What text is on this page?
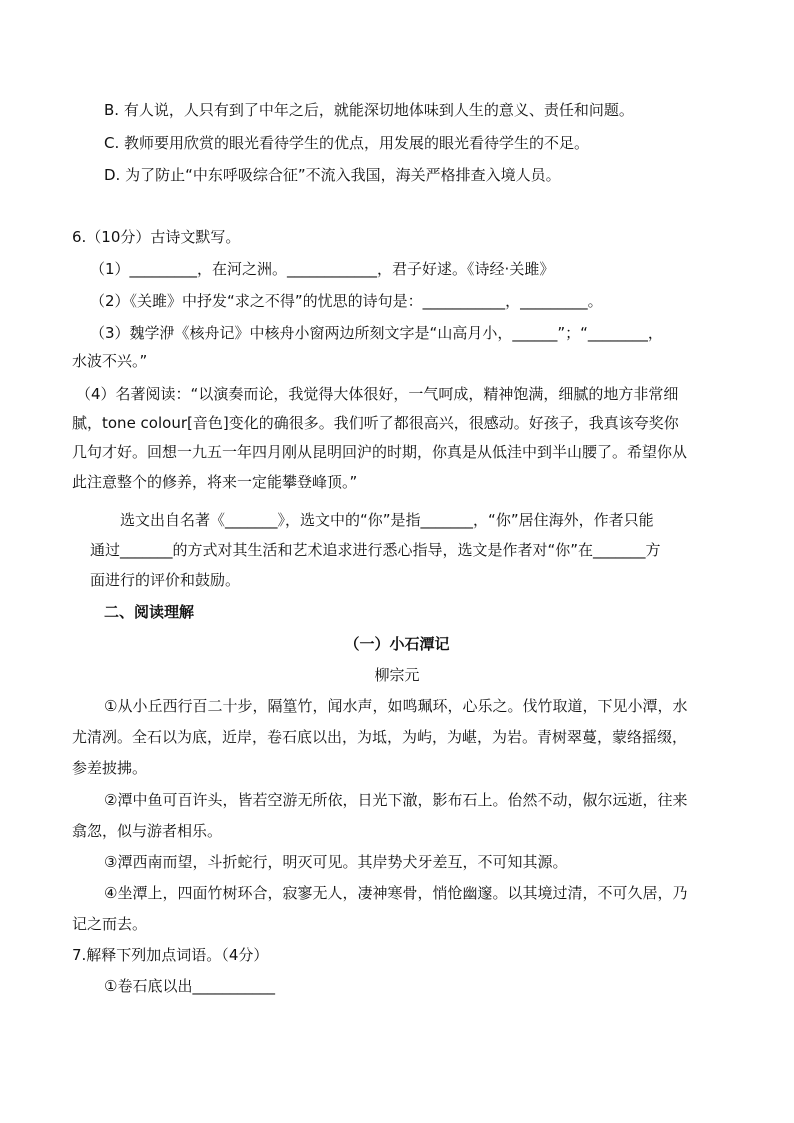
B. 有人说，人只有到了中年之后，就能深切地体味到人生的意义、责任和问题。
C. 教师要用欣赏的眼光看待学生的优点，用发展的眼光看待学生的不足。
D. 为了防止“中东呼吸综合征”不流入我国，海关严格排查入境人员。
6.（10分）古诗文默写。
（1）_________，在河之洲。____________，君子好逑。《诗经·关雎》
（2）《关雎》中抒发“求之不得”的忧思的诗句是：___________，_________。
（3）魏学洢《核舟记》中核舟小窗两边所刻文字是“山高月小，______”；“________，
水波不兴。”
（4）名著阅读：“以演奏而论，我觉得大体很好，一气呵成，精神饱满，细腻的地方非常细
腻，tone colour[音色]变化的确很多。我们听了都很高兴，很感动。好孩子，我真该夸奖你
几句才好。回想一九五一年四月刚从昆明回沪的时期，你真是从低洼中到半山腰了。希望你从
此注意整个的修养，将来一定能攀登峰顶。”
选文出自名著《_______》，选文中的“你”是指_______，“你”居住海外，作者只能
通过_______的方式对其生活和艺术追求进行悉心指导，选文是作者对“你”在_______方
面进行的评价和鼓励。
二、阅读理解
（一）小石潭记
柳宗元
①从小丘西行百二十步，隔篁竹，闻水声，如鸣珮环，心乐之。伐竹取道，下见小潭，水
尤清冽。全石以为底，近岸，卷石底以出，为坻，为屿，为嵁，为岩。青树翠蔓，蒙络摇缀，
参差披拂。
②潭中鱼可百许头，皆若空游无所依，日光下澈，影布石上。佁然不动，俶尔远逝，往来
翕忽，似与游者相乐。
③潭西南而望，斗折蛇行，明灭可见。其岸势犬牙差互，不可知其源。
④坐潭上，四面竹树环合，寂寥无人，凄神寒骨，悄怆幽邃。以其境过清，不可久居，乃
记之而去。
7.解释下列加点词语。（4分）
①卷石底以出___________
